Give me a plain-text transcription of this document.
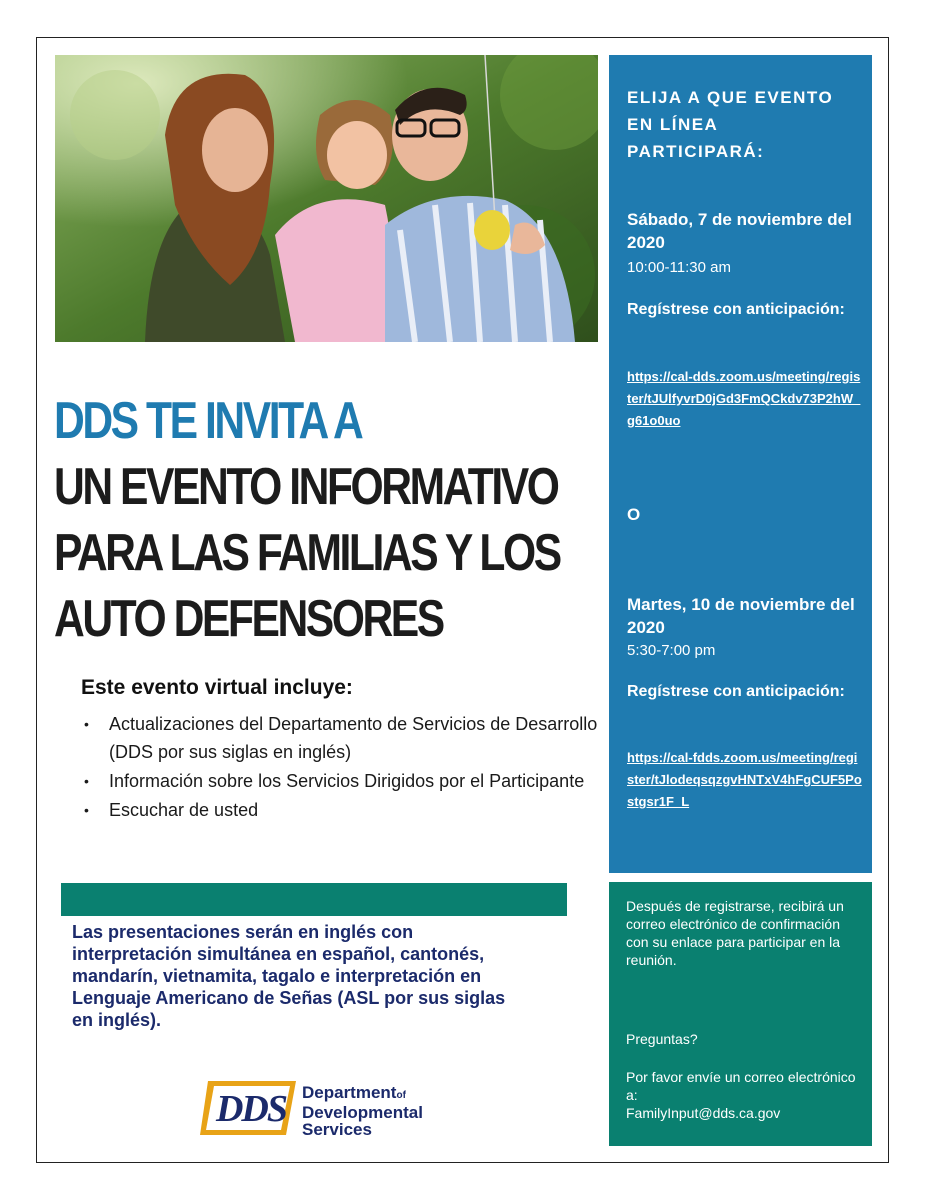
DDS TE INVITA A
UN EVENTO INFORMATIVO
PARA LAS FAMILIAS Y LOS
AUTO DEFENSORES
Este evento virtual incluye:
• Actualizaciones del Departamento de Servicios de Desarrollo (DDS por sus siglas en inglés)
• Información sobre los Servicios Dirigidos por el Participante
• Escuchar de usted
Las presentaciones serán en inglés con interpretación simultánea en español, cantonés, mandarín, vietnamita, tagalo e interpretación en Lenguaje Americano de Señas (ASL por sus siglas en inglés).
DDS Departmentof
Developmental
Services
ELIJA A QUE EVENTO EN LÍNEA PARTICIPARÁ:
Sábado, 7 de noviembre del 2020
10:00-11:30 am
Regístrese con anticipación:
https://cal-dds.zoom.us/meeting/register/tJUlfyvrD0jGd3FmQCkdv73P2hW_g61o0uo
O
Martes, 10 de noviembre del 2020
5:30-7:00 pm
Regístrese con anticipación:
https://cal-fdds.zoom.us/meeting/register/tJlodeqsqzgvHNTxV4hFgCUF5Postgsr1F_L
Después de registrarse, recibirá un correo electrónico de confirmación con su enlace para participar en la reunión.
Preguntas?
Por favor envíe un correo electrónico a:
FamilyInput@dds.ca.gov
